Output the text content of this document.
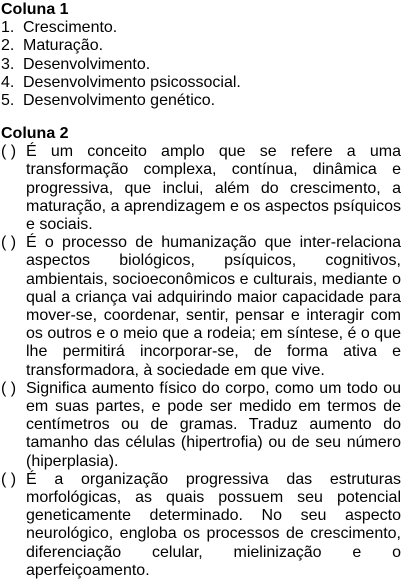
Coluna 1

1. Crescimento.
2. Maturação.
3. Desenvolvimento.
4. Desenvolvimento psicossocial.
5. Desenvolvimento genético.

Coluna 2

( ) É um conceito amplo que se refere a uma transformação complexa, contínua, dinâmica e progressiva, que inclui, além do crescimento, a maturação, a aprendizagem e os aspectos psíquicos e sociais.
( ) É o processo de humanização que inter-relaciona aspectos biológicos, psíquicos, cognitivos, ambientais, socioeconômicos e culturais, mediante o qual a criança vai adquirindo maior capacidade para mover-se, coordenar, sentir, pensar e interagir com os outros e o meio que a rodeia; em síntese, é o que lhe permitirá incorporar-se, de forma ativa e transformadora, à sociedade em que vive.
( ) Significa aumento físico do corpo, como um todo ou em suas partes, e pode ser medido em termos de centímetros ou de gramas. Traduz aumento do tamanho das células (hipertrofia) ou de seu número (hiperplasia).
( ) É a organização progressiva das estruturas morfológicas, as quais possuem seu potencial geneticamente determinado. No seu aspecto neurológico, engloba os processos de crescimento, diferenciação celular, mielinização e o aperfeiçoamento.
